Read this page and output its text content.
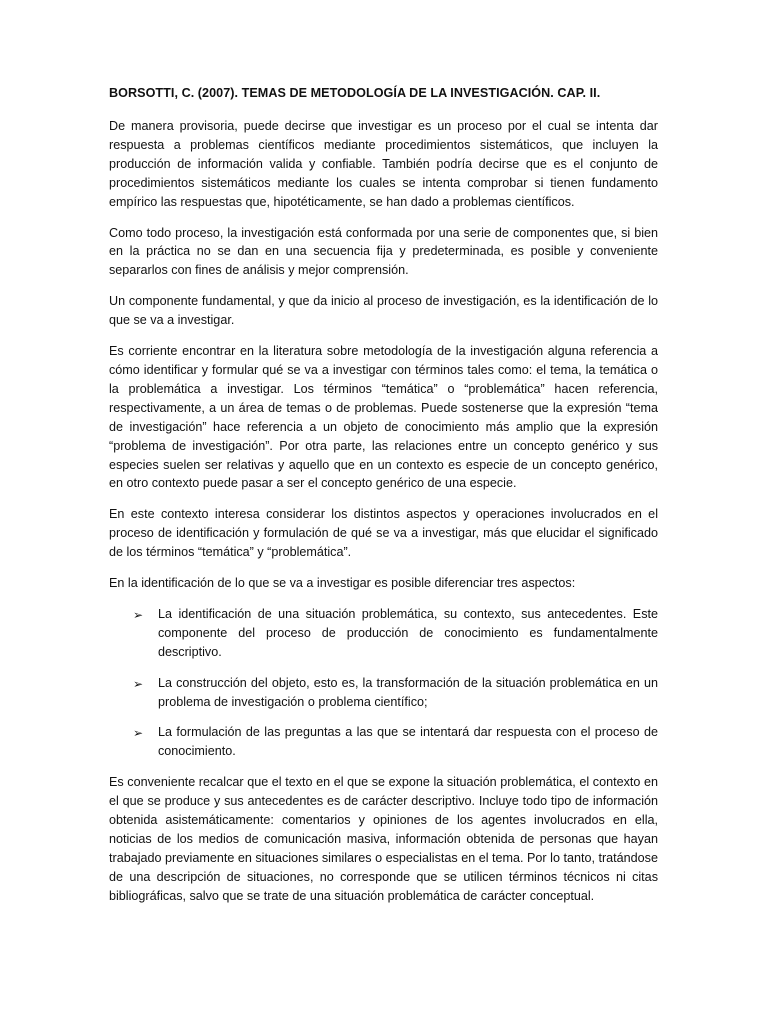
BORSOTTI, C. (2007). TEMAS DE METODOLOGÍA DE LA INVESTIGACIÓN. CAP. II.

De manera provisoria, puede decirse que investigar es un proceso por el cual se intenta dar respuesta a problemas científicos mediante procedimientos sistemáticos, que incluyen la producción de información valida y confiable. También podría decirse que es el conjunto de procedimientos sistemáticos mediante los cuales se intenta comprobar si tienen fundamento empírico las respuestas que, hipotéticamente, se han dado a problemas científicos.

Como todo proceso, la investigación está conformada por una serie de componentes que, si bien en la práctica no se dan en una secuencia fija y predeterminada, es posible y conveniente separarlos con fines de análisis y mejor comprensión.

Un componente fundamental, y que da inicio al proceso de investigación, es la identificación de lo que se va a investigar.

Es corriente encontrar en la literatura sobre metodología de la investigación alguna referencia a cómo identificar y formular qué se va a investigar con términos tales como: el tema, la temática o la problemática a investigar. Los términos “temática” o “problemática” hacen referencia, respectivamente, a un área de temas o de problemas. Puede sostenerse que la expresión “tema de investigación” hace referencia a un objeto de conocimiento más amplio que la expresión “problema de investigación”. Por otra parte, las relaciones entre un concepto genérico y sus especies suelen ser relativas y aquello que en un contexto es especie de un concepto genérico, en otro contexto puede pasar a ser el concepto genérico de una especie.

En este contexto interesa considerar los distintos aspectos y operaciones involucrados en el proceso de identificación y formulación de qué se va a investigar, más que elucidar el significado de los términos “temática” y “problemática”.

En la identificación de lo que se va a investigar es posible diferenciar tres aspectos:

➢ La identificación de una situación problemática, su contexto, sus antecedentes. Este componente del proceso de producción de conocimiento es fundamentalmente descriptivo.
➢ La construcción del objeto, esto es, la transformación de la situación problemática en un problema de investigación o problema científico;
➢ La formulación de las preguntas a las que se intentará dar respuesta con el proceso de conocimiento.

Es conveniente recalcar que el texto en el que se expone la situación problemática, el contexto en el que se produce y sus antecedentes es de carácter descriptivo. Incluye todo tipo de información obtenida asistemáticamente: comentarios y opiniones de los agentes involucrados en ella, noticias de los medios de comunicación masiva, información obtenida de personas que hayan trabajado previamente en situaciones similares o especialistas en el tema. Por lo tanto, tratándose de una descripción de situaciones, no corresponde que se utilicen términos técnicos ni citas bibliográficas, salvo que se trate de una situación problemática de carácter conceptual.
